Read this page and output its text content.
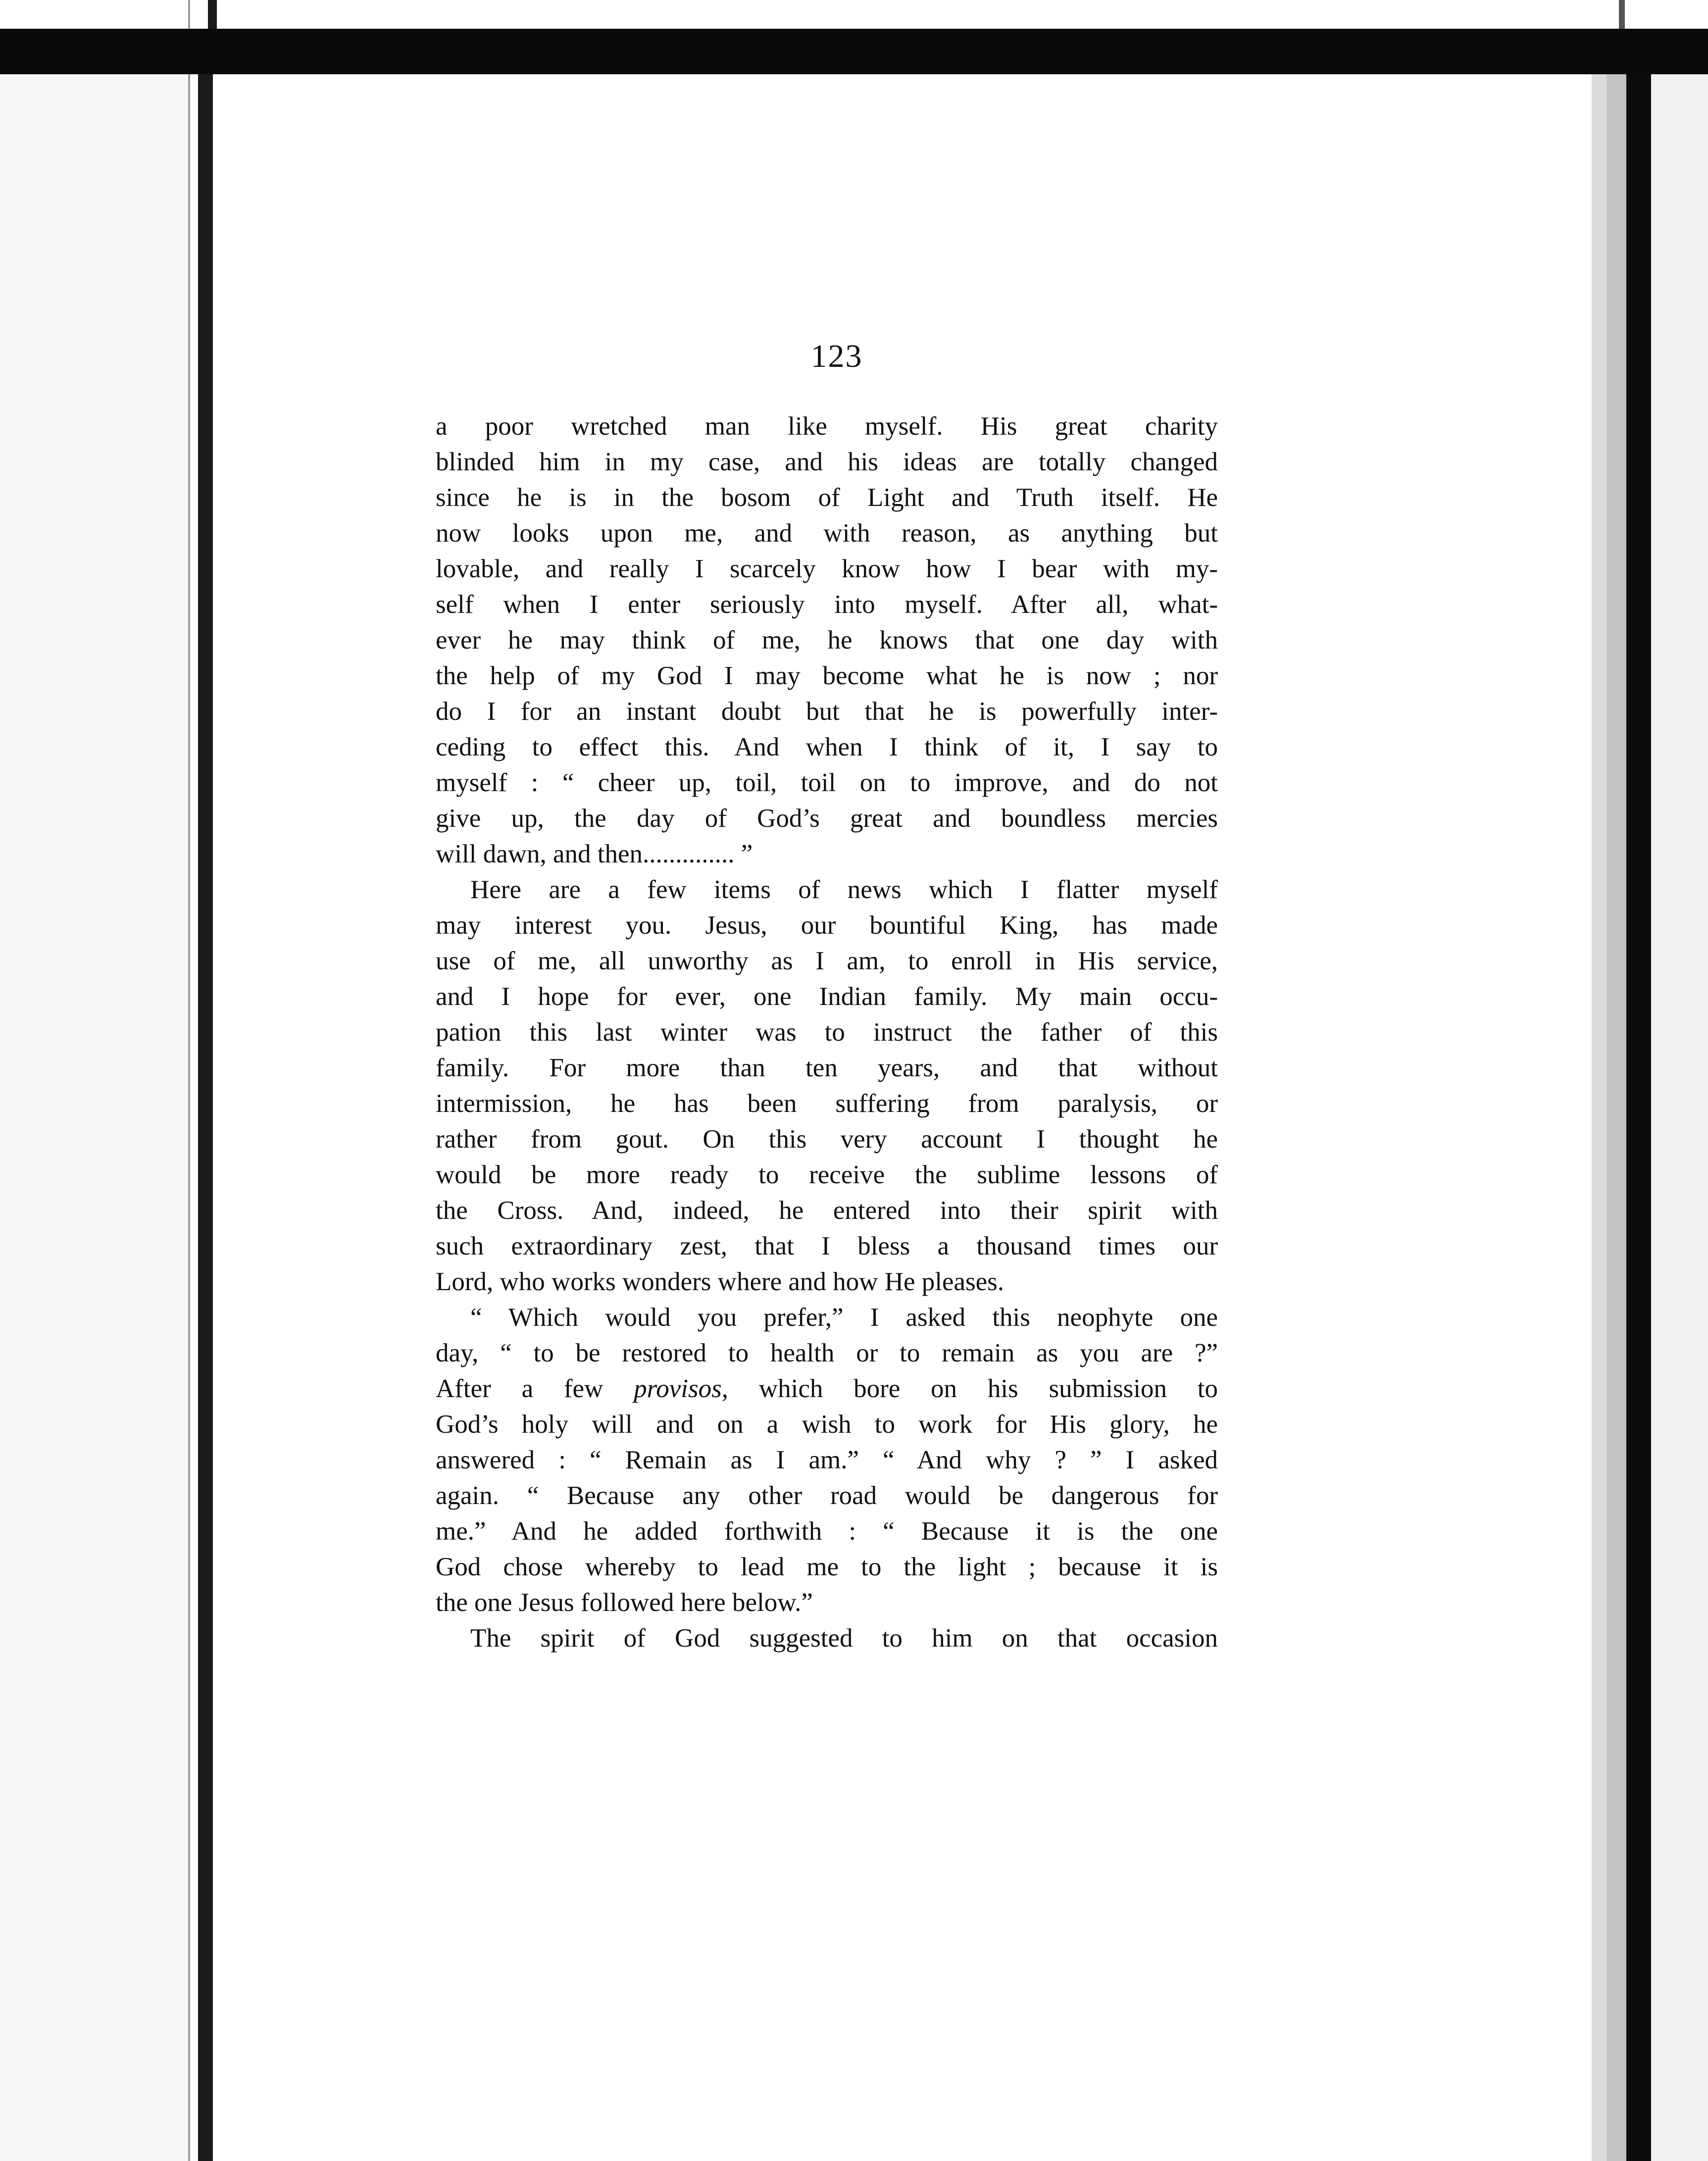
123

a poor wretched man like myself. His great charity

blinded him in my case, and his ideas are totally changed

since he is in the bosom of Light and Truth itself. He

now looks upon me, and with reason, as anything but

lovable, and really I scarcely know how I bear with my-

self when I enter seriously into myself. After all, what-

ever he may think of me, he knows that one day with

the help of my God I may become what he is now ; nor

do I for an instant doubt but that he is powerfully inter-

ceding to effect this. And when I think of it, I say to

myself : “ cheer up, toil, toil on to improve, and do not

give up, the day of God’s great and boundless mercies

will dawn, and then.............. ”

Here are a few items of news which I flatter myself

may interest you. Jesus, our bountiful King, has made

use of me, all unworthy as I am, to enroll in His service,

and I hope for ever, one Indian family. My main occu-

pation this last winter was to instruct the father of this

family. For more than ten years, and that without

intermission, he has been suffering from paralysis, or

rather from gout. On this very account I thought he

would be more ready to receive the sublime lessons of

the Cross. And, indeed, he entered into their spirit with

such extraordinary zest, that I bless a thousand times our

Lord, who works wonders where and how He pleases.

“ Which would you prefer,” I asked this neophyte one

day, “ to be restored to health or to remain as you are ?”

After a few provisos, which bore on his submission to

God’s holy will and on a wish to work for His glory, he

answered : “ Remain as I am.” “ And why ? ” I asked

again. “ Because any other road would be dangerous for

me.” And he added forthwith : “ Because it is the one

God chose whereby to lead me to the light ; because it is

the one Jesus followed here below.”

The spirit of God suggested to him on that occasion
